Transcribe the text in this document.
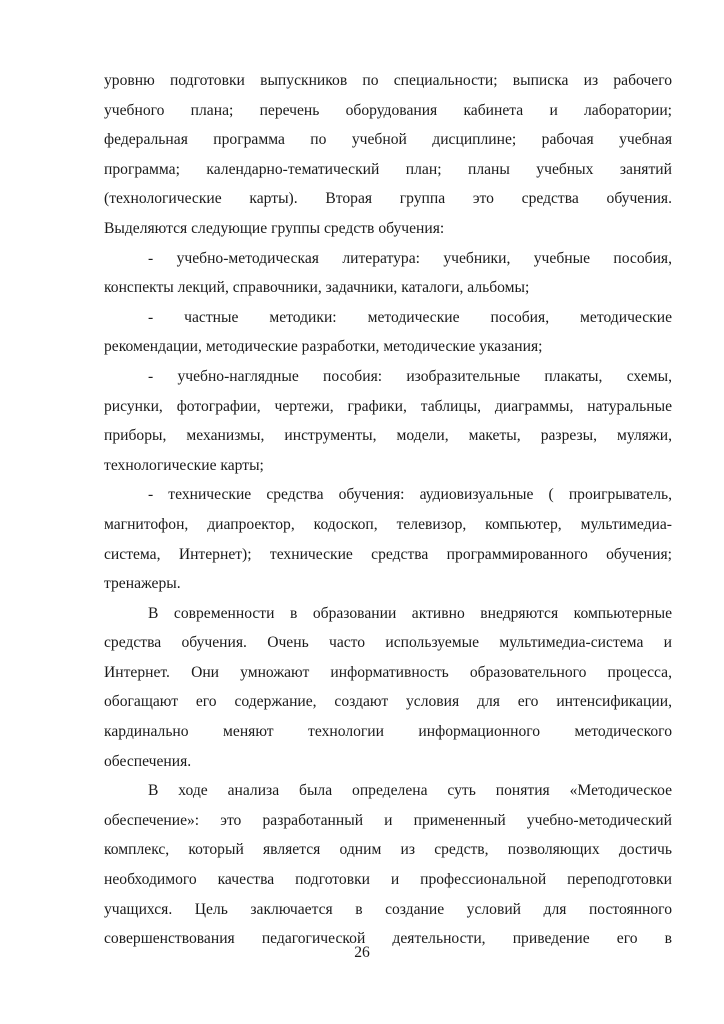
уровню подготовки выпускников по специальности; выписка из рабочего
учебного плана; перечень оборудования кабинета и лаборатории;
федеральная программа по учебной дисциплине; рабочая учебная
программа; календарно-тематический план; планы учебных занятий
(технологические карты). Вторая группа это средства обучения.
Выделяются следующие группы средств обучения:
- учебно-методическая литература: учебники, учебные пособия,
конспекты лекций, справочники, задачники, каталоги, альбомы;
- частные методики: методические пособия, методические
рекомендации, методические разработки, методические указания;
- учебно-наглядные пособия: изобразительные плакаты, схемы,
рисунки, фотографии, чертежи, графики, таблицы, диаграммы, натуральные
приборы, механизмы, инструменты, модели, макеты, разрезы, муляжи,
технологические карты;
- технические средства обучения: аудиовизуальные ( проигрыватель,
магнитофон, диапроектор, кодоскоп, телевизор, компьютер, мультимедиа-
система, Интернет); технические средства программированного обучения;
тренажеры.
В современности в образовании активно внедряются компьютерные
средства обучения. Очень часто используемые мультимедиа-система и
Интернет. Они умножают информативность образовательного процесса,
обогащают его содержание, создают условия для его интенсификации,
кардинально меняют технологии информационного методического
обеспечения.
В ходе анализа была определена суть понятия «Методическое
обеспечение»: это разработанный и примененный учебно-методический
комплекс, который является одним из средств, позволяющих достичь
необходимого качества подготовки и профессиональной переподготовки
учащихся. Цель заключается в создание условий для постоянного
совершенствования педагогической деятельности, приведение его в
26
